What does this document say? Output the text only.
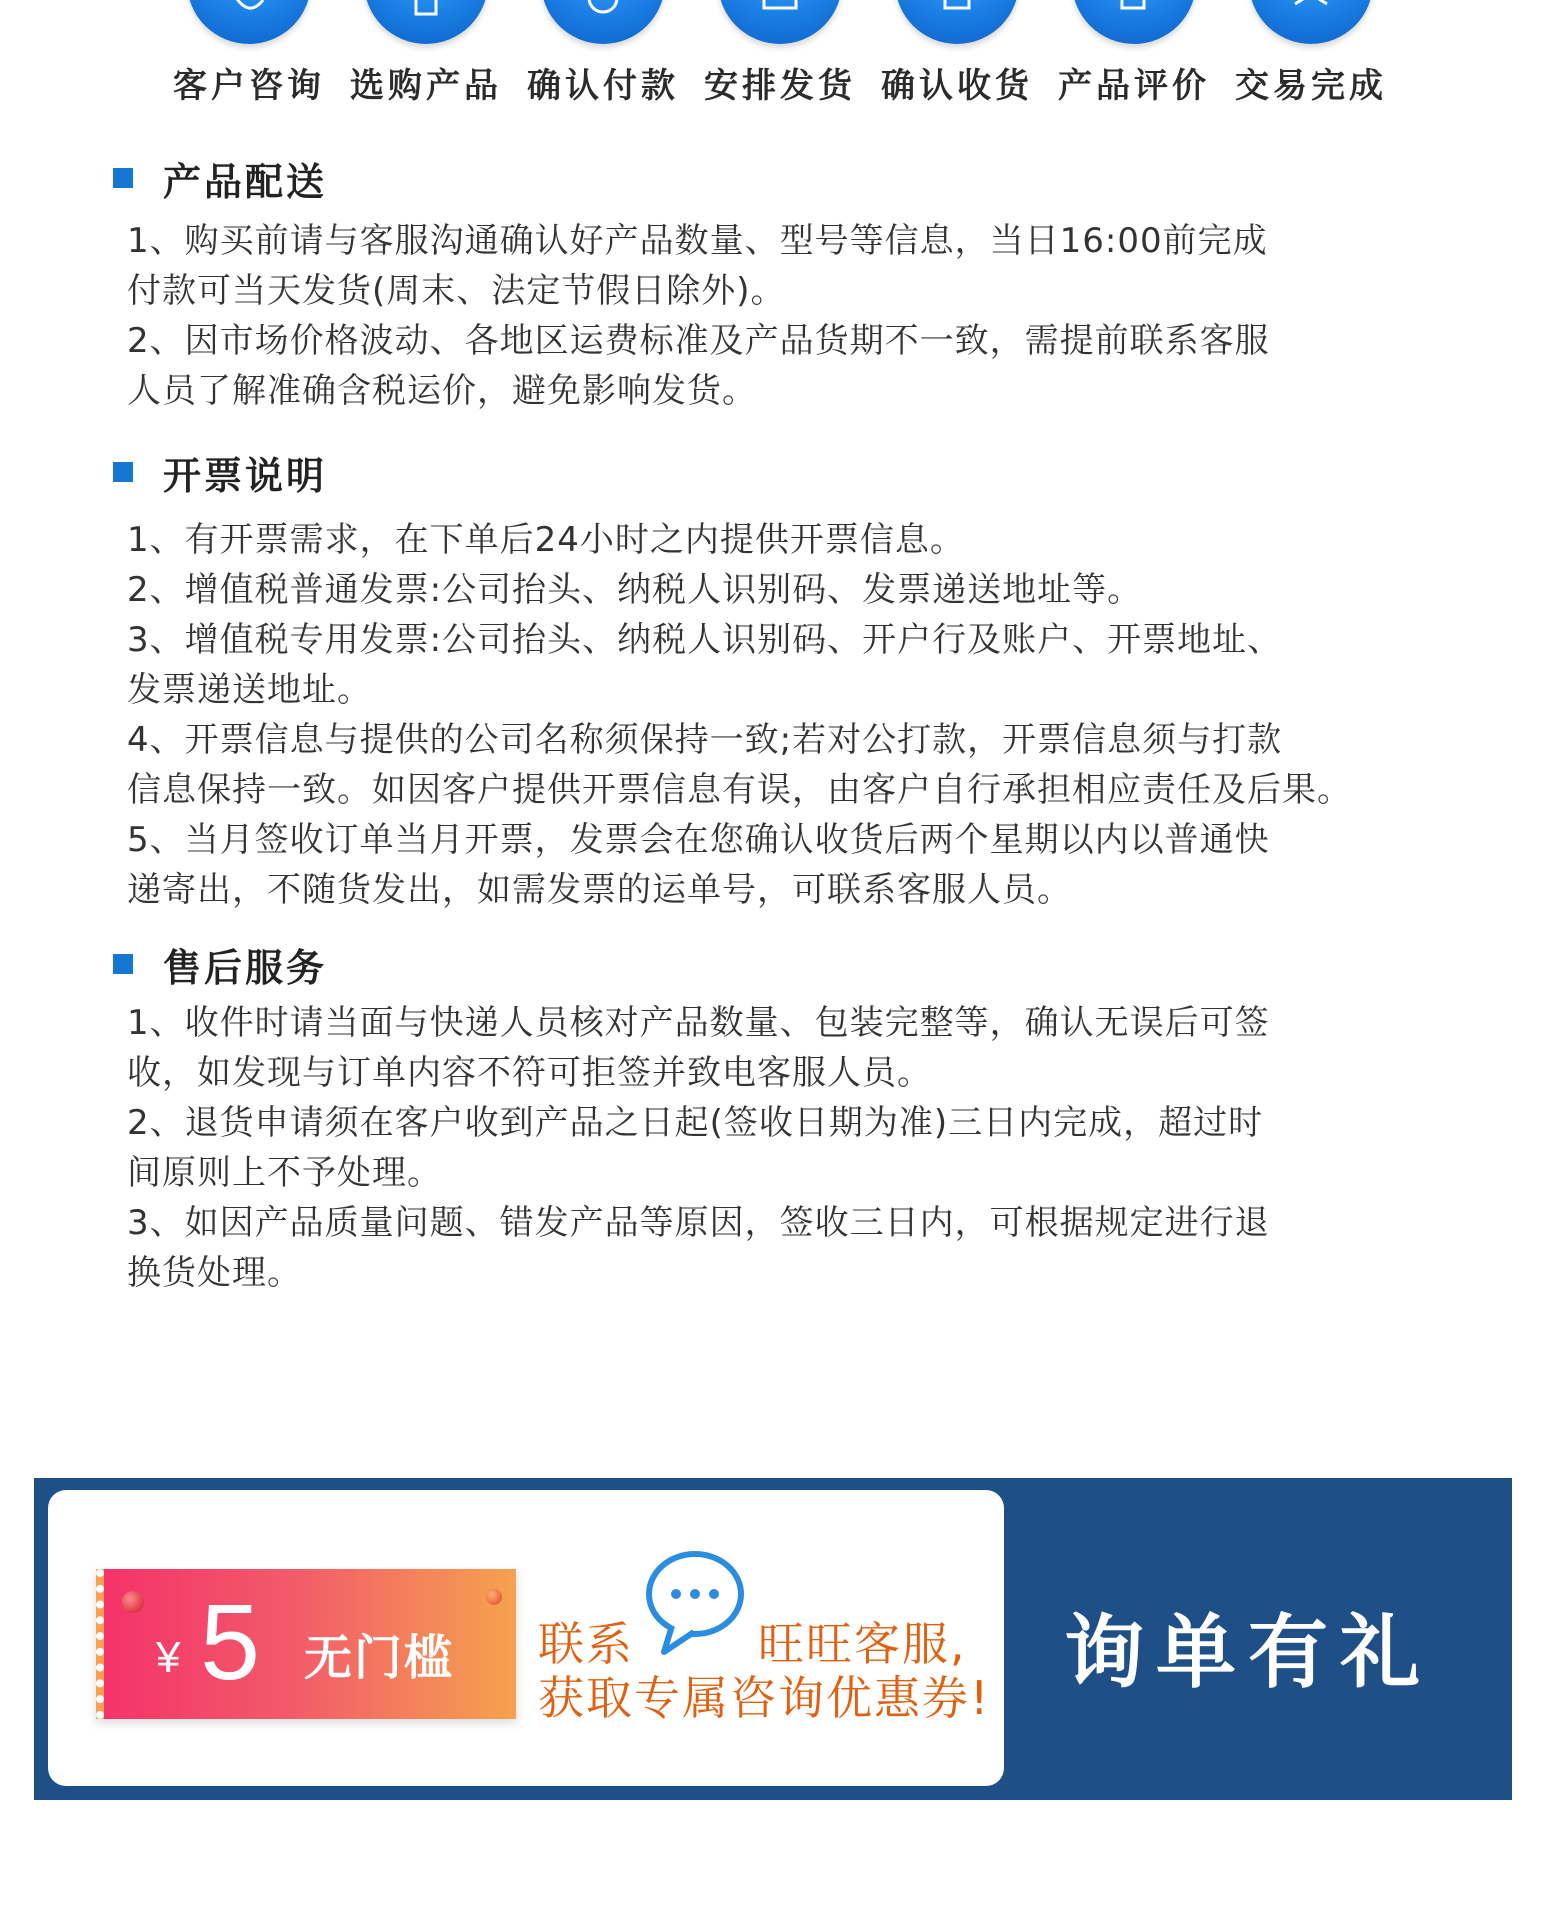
客户咨询 选购产品 确认付款 安排发货 确认收货 产品评价 交易完成
产品配送

1、购买前请与客服沟通确认好产品数量、型号等信息，当日16:00前完成
付款可当天发货(周末、法定节假日除外)。

2、因市场价格波动、各地区运费标准及产品货期不一致，需提前联系客服
人员了解准确含税运价，避免影响发货。

开票说明

1、有开票需求，在下单后24小时之内提供开票信息。

2、增值税普通发票:公司抬头、纳税人识别码、发票递送地址等。

3、增值税专用发票:公司抬头、纳税人识别码、开户行及账户、开票地址、
发票递送地址。

4、开票信息与提供的公司名称须保持一致;若对公打款，开票信息须与打款
信息保持一致。如因客户提供开票信息有误，由客户自行承担相应责任及后果。

5、当月签收订单当月开票，发票会在您确认收货后两个星期以内以普通快
递寄出，不随货发出，如需发票的运单号，可联系客服人员。

售后服务

1、收件时请当面与快递人员核对产品数量、包装完整等，确认无误后可签
收，如发现与订单内容不符可拒签并致电客服人员。

2、退货申请须在客户收到产品之日起(签收日期为准)三日内完成，超过时
间原则上不予处理。

3、如因产品质量问题、错发产品等原因，签收三日内，可根据规定进行退
换货处理。

¥ 5 无门槛 联系	旺旺客服,
获取专属咨询优惠券! 询单有礼
